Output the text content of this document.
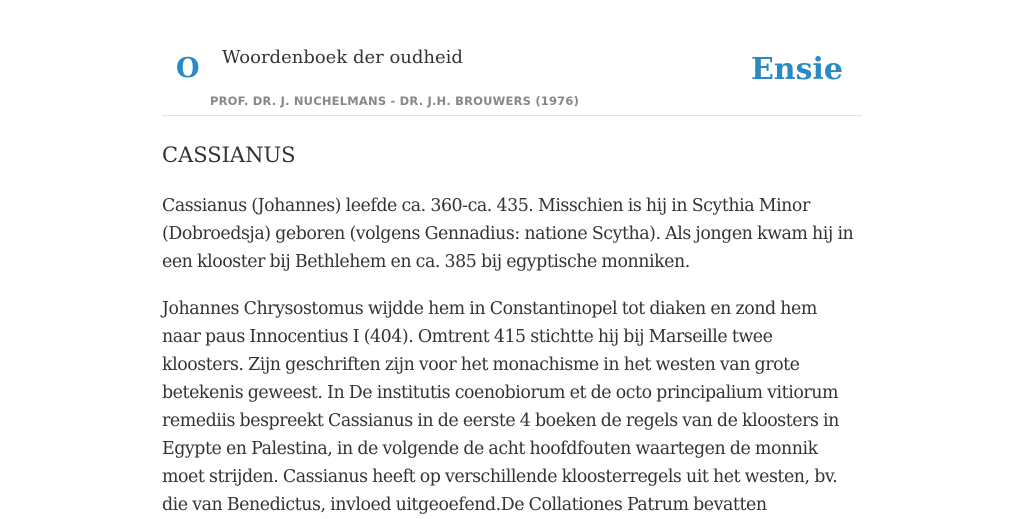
O Woordenboek der oudheid
PROF. DR. J. NUCHELMANS - DR. J.H. BROUWERS (1976)
Ensie
CASSIANUS

Cassianus (Johannes) leefde ca. 360-ca. 435. Misschien is hij in Scythia Minor
(Dobroedsja) geboren (volgens Gennadius: natione Scytha). Als jongen kwam hij in
een klooster bij Bethlehem en ca. 385 bij egyptische monniken.

Johannes Chrysostomus wijdde hem in Constantinopel tot diaken en zond hem
naar paus Innocentius I (404). Omtrent 415 stichtte hij bij Marseille twee
kloosters. Zijn geschriften zijn voor het monachisme in het westen van grote
betekenis geweest. In De institutis coenobiorum et de octo principalium vitiorum
remediis bespreekt Cassianus in de eerste 4 boeken de regels van de kloosters in
Egypte en Palestina, in de volgende de acht hoofdfouten waartegen de monnik
moet strijden. Cassianus heeft op verschillende kloosterregels uit het westen, bv.
die van Benedictus, invloed uitgeoefend.De Collationes Patrum bevatten
